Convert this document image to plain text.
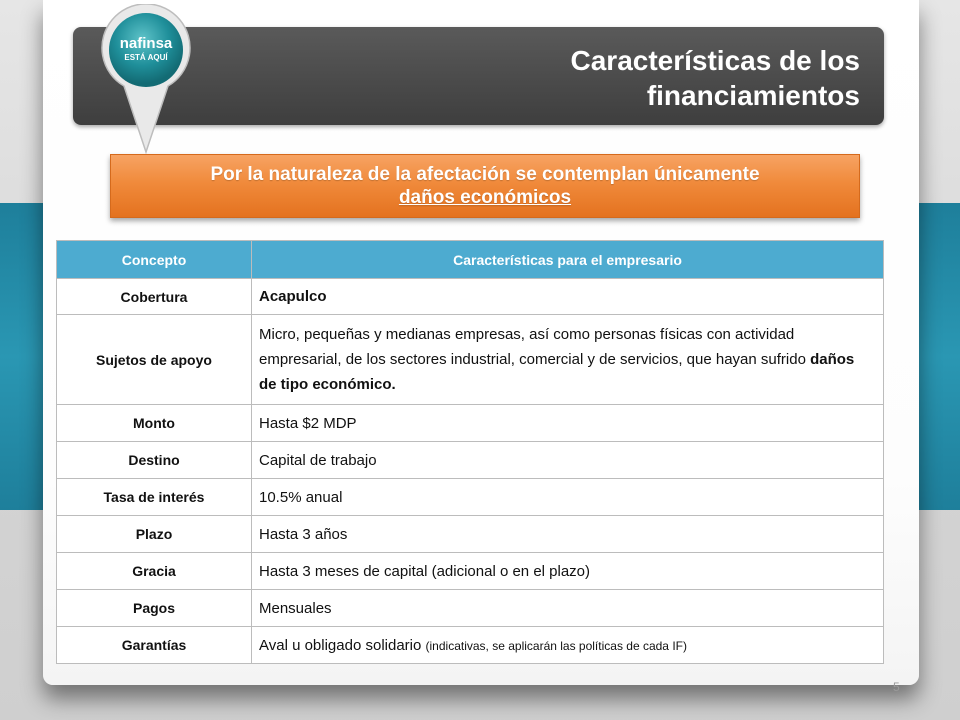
Características de los
financiamientos
nafinsa
ESTÁ AQUÍ
Por la naturaleza de la afectación se contemplan únicamente
daños económicos
Concepto	Características para el empresario
Cobertura	Acapulco
Sujetos de apoyo	Micro, pequeñas y medianas empresas, así como personas físicas con actividad empresarial, de los sectores industrial, comercial y de servicios, que hayan sufrido daños de tipo económico.
Monto	Hasta $2 MDP
Destino	Capital de trabajo
Tasa de interés	10.5% anual
Plazo	Hasta 3 años
Gracia	Hasta 3 meses de capital (adicional o en el plazo)
Pagos	Mensuales
Garantías	Aval u obligado solidario (indicativas, se aplicarán las políticas de cada IF)
5
